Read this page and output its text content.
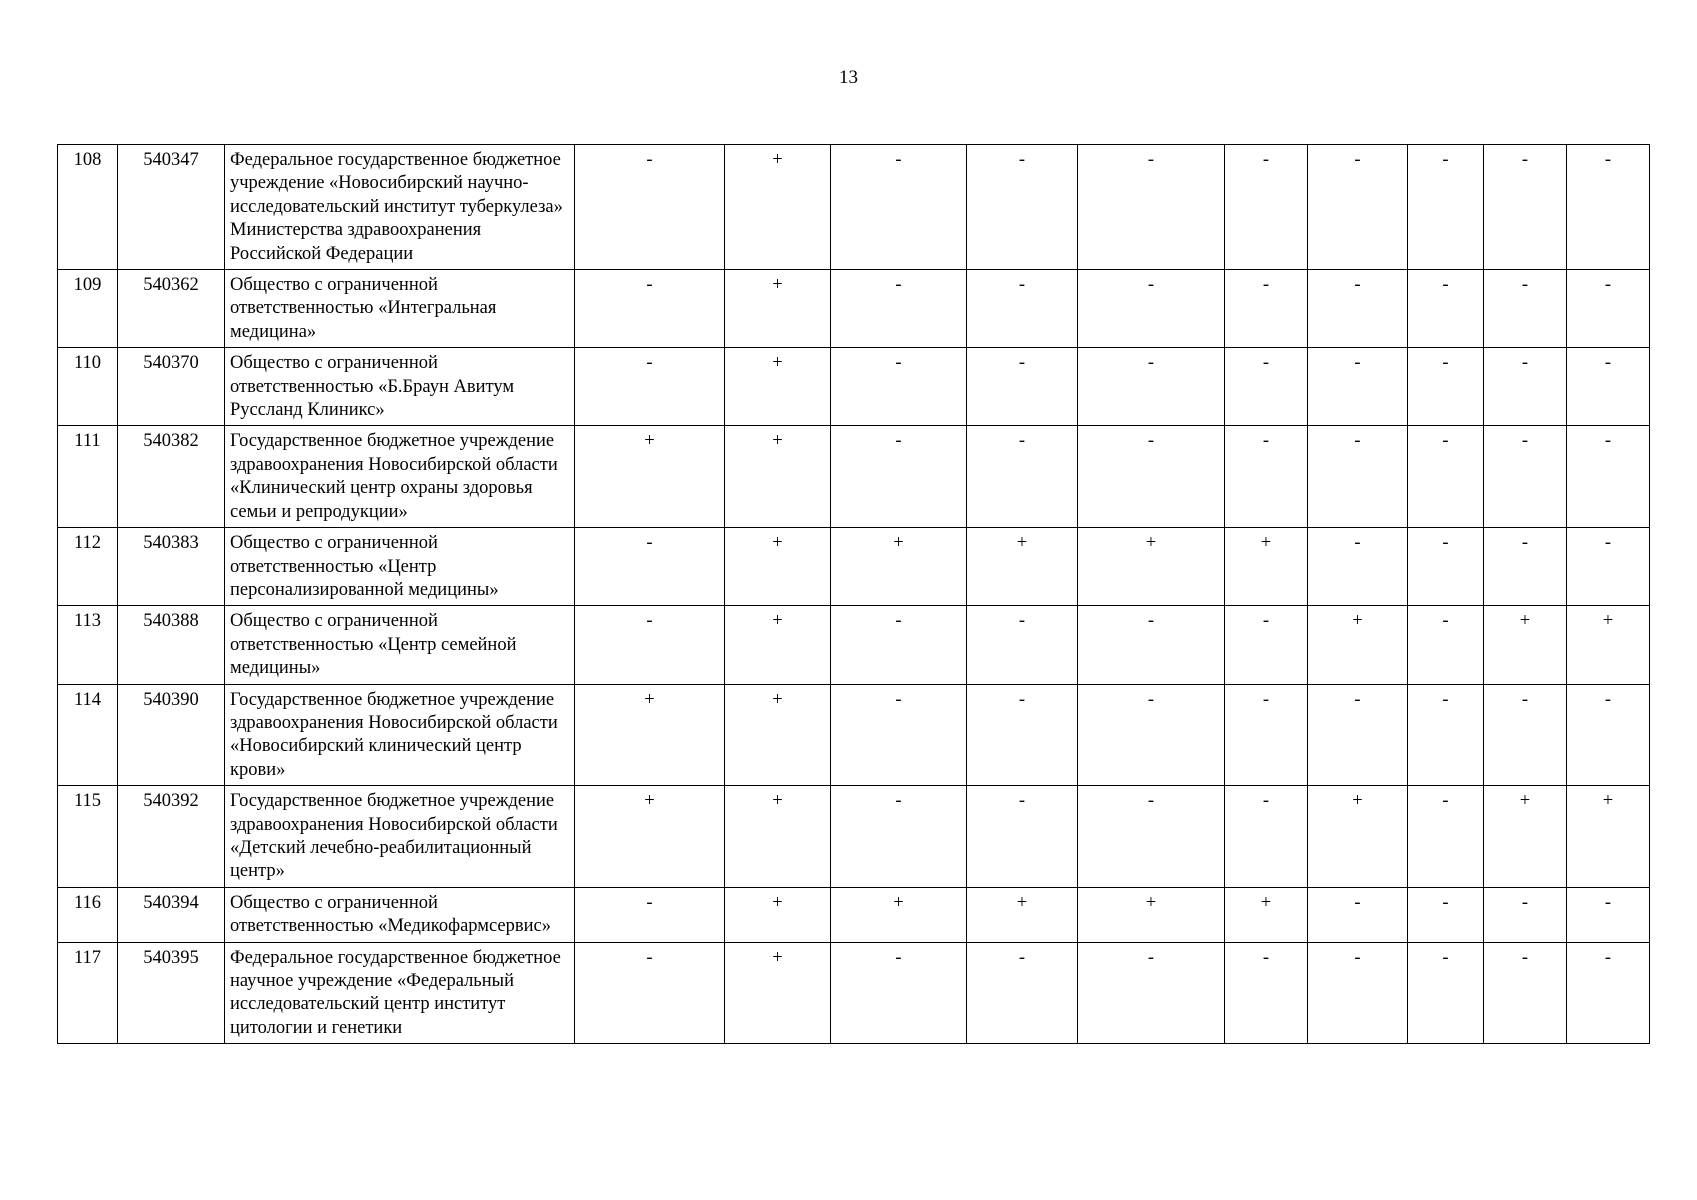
13
108	540347	Федеральное государственное бюджетное учреждение «Новосибирский научно-исследовательский институт туберкулеза» Министерства здравоохранения Российской Федерации	-	+	-	-	-	-	-	-	-	-
109	540362	Общество с ограниченной ответственностью «Интегральная медицина»	-	+	-	-	-	-	-	-	-	-
110	540370	Общество с ограниченной ответственностью «Б.Браун Авитум Руссланд Клиникс»	-	+	-	-	-	-	-	-	-	-
111	540382	Государственное бюджетное учреждение здравоохранения Новосибирской области «Клинический центр охраны здоровья семьи и репродукции»	+	+	-	-	-	-	-	-	-	-
112	540383	Общество с ограниченной ответственностью «Центр персонализированной медицины»	-	+	+	+	+	+	-	-	-	-
113	540388	Общество с ограниченной ответственностью «Центр семейной медицины»	-	+	-	-	-	-	+	-	+	+
114	540390	Государственное бюджетное учреждение здравоохранения Новосибирской области «Новосибирский клинический центр крови»	+	+	-	-	-	-	-	-	-	-
115	540392	Государственное бюджетное учреждение здравоохранения Новосибирской области «Детский лечебно-реабилитационный центр»	+	+	-	-	-	-	+	-	+	+
116	540394	Общество с ограниченной ответственностью «Медикофармсервис»	-	+	+	+	+	+	-	-	-	-
117	540395	Федеральное государственное бюджетное научное учреждение «Федеральный исследовательский центр институт цитологии и генетики	-	+	-	-	-	-	-	-	-	-
